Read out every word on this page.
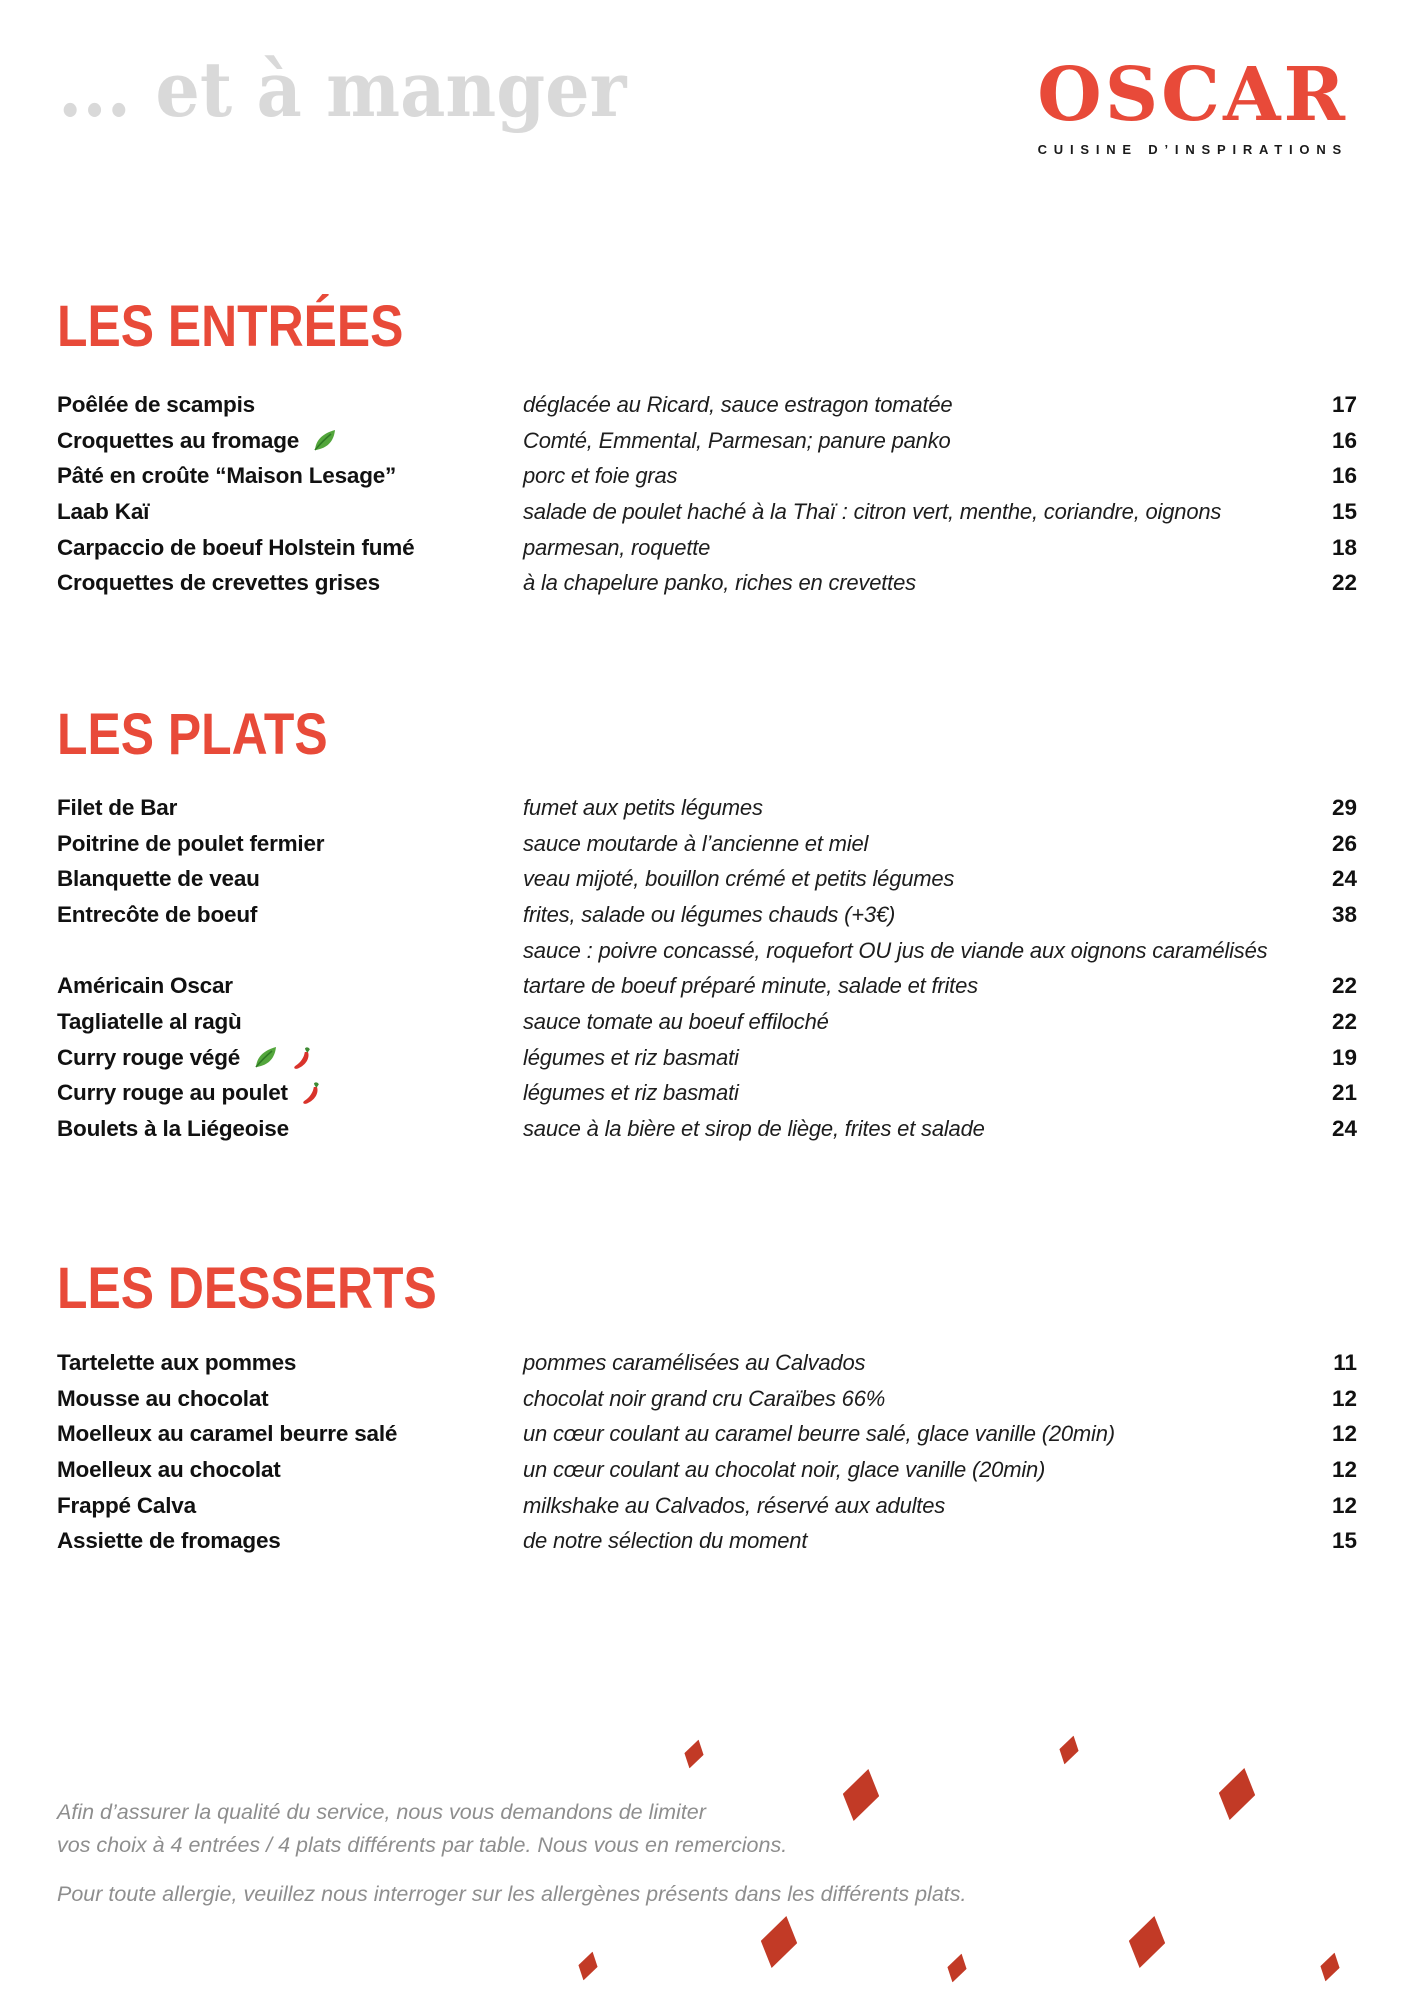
... et à manger	OSCAR
CUISINE D’INSPIRATIONS
LES ENTRÉES
Poêlée de scampis	déglacée au Ricard, sauce estragon tomatée	17
Croquettes au fromage	Comté, Emmental, Parmesan; panure panko	16
Pâté en croûte “Maison Lesage”	porc et foie gras	16
Laab Kaï	salade de poulet haché à la Thaï : citron vert, menthe, coriandre, oignons	15
Carpaccio de boeuf Holstein fumé	parmesan, roquette	18
Croquettes de crevettes grises	à la chapelure panko, riches en crevettes	22
LES PLATS
Filet de Bar	fumet aux petits légumes	29
Poitrine de poulet fermier	sauce moutarde à l’ancienne et miel	26
Blanquette de veau	veau mijoté, bouillon crémé et petits légumes	24
Entrecôte de boeuf	frites, salade ou légumes chauds (+3€)	38
sauce : poivre concassé, roquefort OU jus de viande aux oignons caramélisés
Américain Oscar	tartare de boeuf préparé minute, salade et frites	22
Tagliatelle al ragù	sauce tomate au boeuf effiloché	22
Curry rouge végé	légumes et riz basmati	19
Curry rouge au poulet	légumes et riz basmati	21
Boulets à la Liégeoise	sauce à la bière et sirop de liège, frites et salade	24
LES DESSERTS
Tartelette aux pommes	pommes caramélisées au Calvados	11
Mousse au chocolat	chocolat noir grand cru Caraïbes 66%	12
Moelleux au caramel beurre salé	un cœur coulant au caramel beurre salé, glace vanille (20min)	12
Moelleux au chocolat	un cœur coulant au chocolat noir, glace vanille (20min)	12
Frappé Calva	milkshake au Calvados, réservé aux adultes	12
Assiette de fromages	de notre sélection du moment	15

Afin d’assurer la qualité du service, nous vous demandons de limiter
vos choix à 4 entrées / 4 plats différents par table. Nous vous en remercions.

Pour toute allergie, veuillez nous interroger sur les allergènes présents dans les différents plats.
